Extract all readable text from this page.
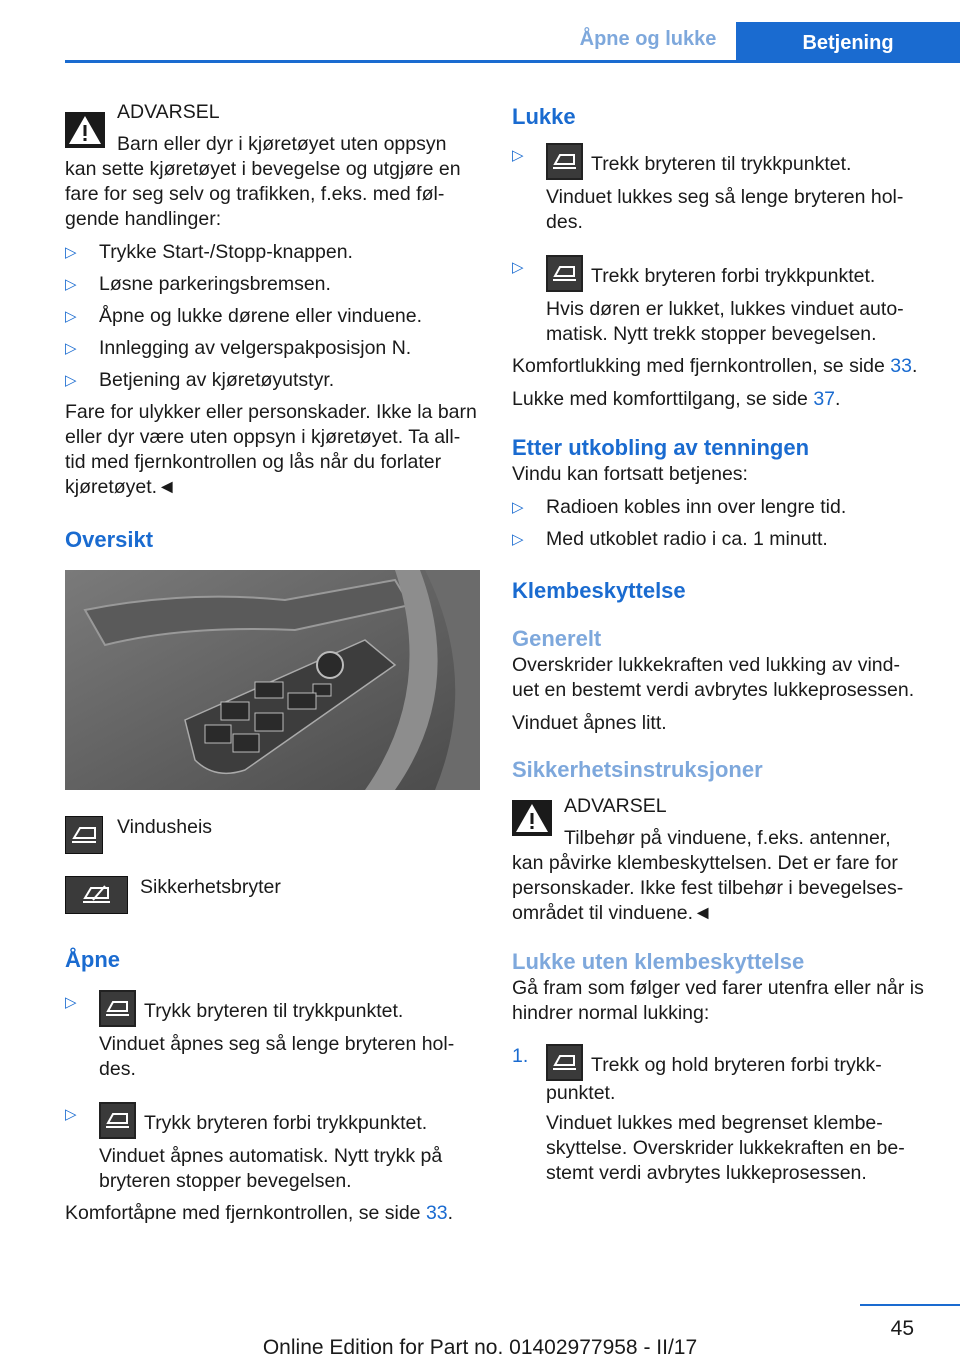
Åpne og lukke	Betjening

ADVARSEL

Barn eller dyr i kjøretøyet uten oppsyn

kan sette kjøretøyet i bevegelse og utgjøre en fare for seg selv og trafikken, f.eks. med føl‐ gende handlinger:

▷ Trykke Start-/Stopp-knappen.
▷ Løsne parkeringsbremsen.
▷ Åpne og lukke dørene eller vinduene.
▷ Innlegging av velgerspakposisjon N.
▷ Betjening av kjøretøyutstyr.

Fare for ulykker eller personskader. Ikke la barn eller dyr være uten oppsyn i kjøretøyet. Ta all‐ tid med fjernkontrollen og lås når du forlater kjøretøyet.◄

Oversikt

Vindusheis
Sikkerhetsbryter

Åpne

▷	Trykk bryteren til trykkpunktet.
Vinduet åpnes seg så lenge bryteren hol‐ des.
▷	Trykk bryteren forbi trykkpunktet.
Vinduet åpnes automatisk. Nytt trykk på bryteren stopper bevegelsen.

Komfortåpne med fjernkontrollen, se side 33.

Lukke

▷	Trekk bryteren til trykkpunktet.
Vinduet lukkes seg så lenge bryteren hol‐ des.
▷	Trekk bryteren forbi trykkpunktet.
Hvis døren er lukket, lukkes vinduet auto‐ matisk. Nytt trekk stopper bevegelsen.

Komfortlukking med fjernkontrollen, se side 33.

Lukke med komforttilgang, se side 37.

Etter utkobling av tenningen

Vindu kan fortsatt betjenes:

▷ Radioen kobles inn over lengre tid.
▷ Med utkoblet radio i ca. 1 minutt.

Klembeskyttelse

Generelt

Overskrider lukkekraften ved lukking av vind‐ uet en bestemt verdi avbrytes lukkeprosessen.

Vinduet åpnes litt.

Sikkerhetsinstruksjoner

ADVARSEL

Tilbehør på vinduene, f.eks. antenner,

kan påvirke klembeskyttelsen. Det er fare for personskader. Ikke fest tilbehør i bevegelses‐ området til vinduene.◄

Lukke uten klembeskyttelse

Gå fram som følger ved farer utenfra eller når is hindrer normal lukking:

1.	Trekk og hold bryteren forbi trykk‐ punktet.
Vinduet lukkes med begrenset klembe‐ skyttelse. Overskrider lukkekraften en be‐ stemt verdi avbrytes lukkeprosessen.
45
Online Edition for Part no. 01402977958 - II/17
